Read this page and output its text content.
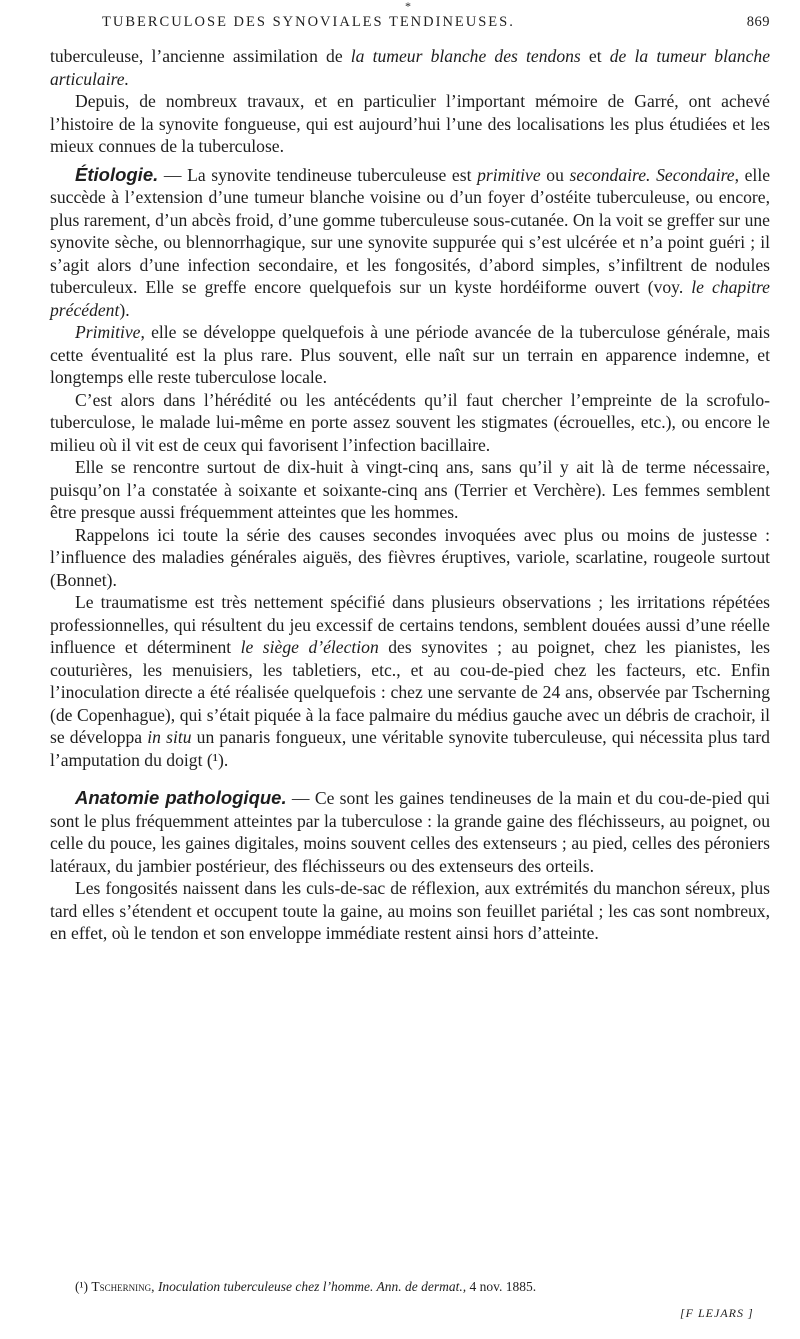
*
TUBERCULOSE DES SYNOVIALES TENDINEUSES.	869

tuberculeuse, l’ancienne assimilation de la tumeur blanche des tendons et de la tumeur blanche articulaire.

Depuis, de nombreux travaux, et en particulier l’important mémoire de Garré, ont achevé l’histoire de la synovite fongueuse, qui est aujourd’hui l’une des localisations les plus étudiées et les mieux connues de la tuberculose.

Étiologie. — La synovite tendineuse tuberculeuse est primitive ou secondaire. Secondaire, elle succède à l’extension d’une tumeur blanche voisine ou d’un foyer d’ostéite tuberculeuse, ou encore, plus rarement, d’un abcès froid, d’une gomme tuberculeuse sous-cutanée. On la voit se greffer sur une synovite sèche, ou blennorrhagique, sur une synovite suppurée qui s’est ulcérée et n’a point guéri ; il s’agit alors d’une infection secondaire, et les fongosités, d’abord simples, s’infiltrent de nodules tuberculeux. Elle se greffe encore quelquefois sur un kyste hordéiforme ouvert (voy. le chapitre précédent).

Primitive, elle se développe quelquefois à une période avancée de la tuberculose générale, mais cette éventualité est la plus rare. Plus souvent, elle naît sur un terrain en apparence indemne, et longtemps elle reste tuberculose locale.

C’est alors dans l’hérédité ou les antécédents qu’il faut chercher l’empreinte de la scrofulo-tuberculose, le malade lui-même en porte assez souvent les stigmates (écrouelles, etc.), ou encore le milieu où il vit est de ceux qui favorisent l’infection bacillaire.

Elle se rencontre surtout de dix-huit à vingt-cinq ans, sans qu’il y ait là de terme nécessaire, puisqu’on l’a constatée à soixante et soixante-cinq ans (Terrier et Verchère). Les femmes semblent être presque aussi fréquemment atteintes que les hommes.

Rappelons ici toute la série des causes secondes invoquées avec plus ou moins de justesse : l’influence des maladies générales aiguës, des fièvres éruptives, variole, scarlatine, rougeole surtout (Bonnet).

Le traumatisme est très nettement spécifié dans plusieurs observations ; les irritations répétées professionnelles, qui résultent du jeu excessif de certains tendons, semblent douées aussi d’une réelle influence et déterminent le siège d’élection des synovites ; au poignet, chez les pianistes, les couturières, les menuisiers, les tabletiers, etc., et au cou-de-pied chez les facteurs, etc. Enfin l’inoculation directe a été réalisée quelquefois : chez une servante de 24 ans, observée par Tscherning (de Copenhague), qui s’était piquée à la face palmaire du médius gauche avec un débris de crachoir, il se développa in situ un panaris fongueux, une véritable synovite tuberculeuse, qui nécessita plus tard l’amputation du doigt (¹).

Anatomie pathologique. — Ce sont les gaines tendineuses de la main et du cou-de-pied qui sont le plus fréquemment atteintes par la tuberculose : la grande gaine des fléchisseurs, au poignet, ou celle du pouce, les gaines digitales, moins souvent celles des extenseurs ; au pied, celles des péroniers latéraux, du jambier postérieur, des fléchisseurs ou des extenseurs des orteils.

Les fongosités naissent dans les culs-de-sac de réflexion, aux extrémités du manchon séreux, plus tard elles s’étendent et occupent toute la gaine, au moins son feuillet pariétal ; les cas sont nombreux, en effet, où le tendon et son enveloppe immédiate restent ainsi hors d’atteinte.

(¹) Tscherning, Inoculation tuberculeuse chez l’homme. Ann. de dermat., 4 nov. 1885.
[F LEJARS ]
